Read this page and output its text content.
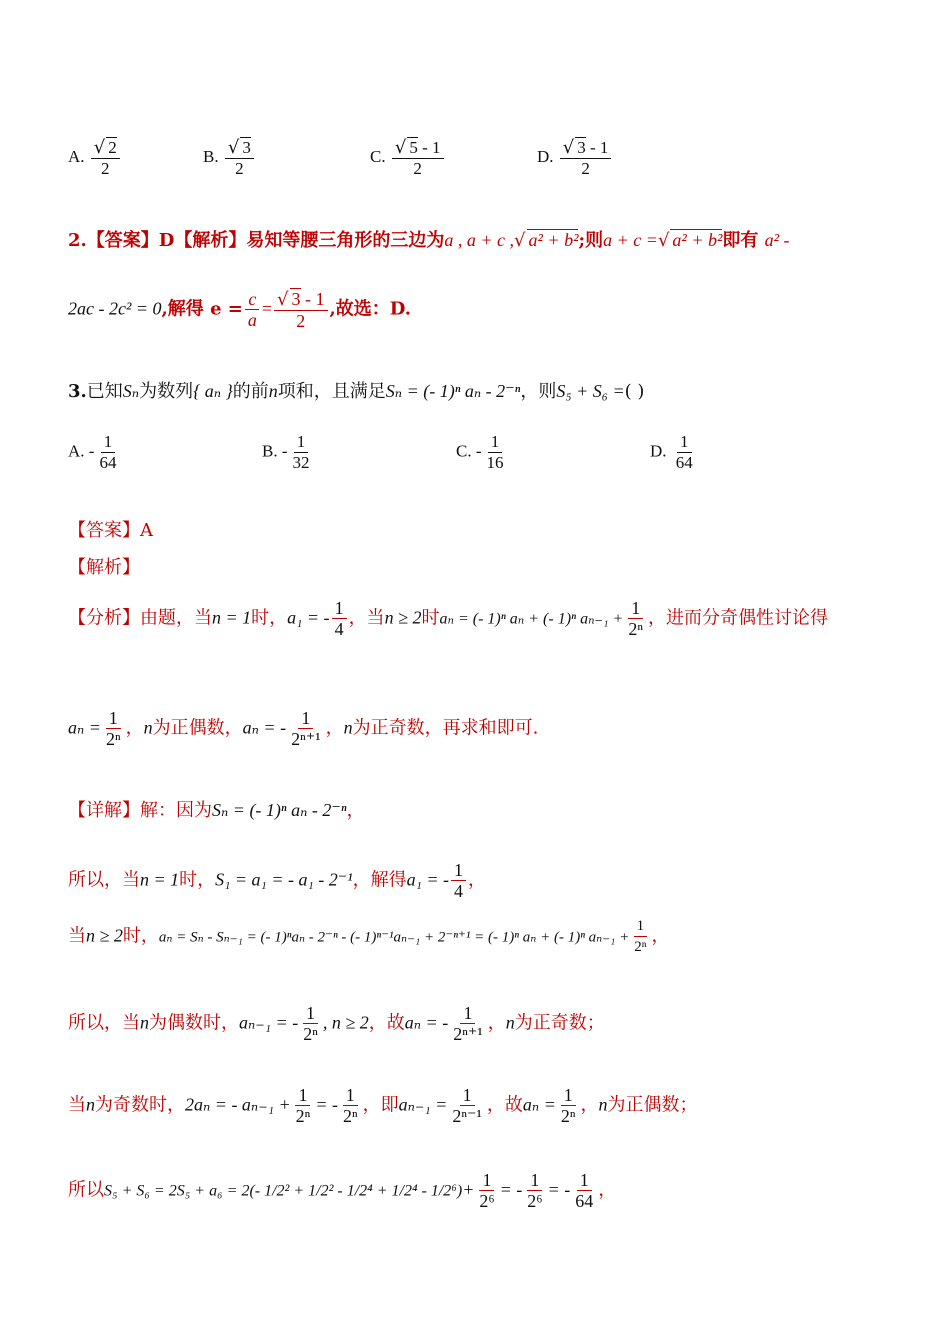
A. $\frac{√ 2}{2}$	B. $\frac{√ 3}{2}$	C. $\frac{√ 5 - 1}{2}$	D. $\frac{√ 3 - 1}{2}$
2.【答案】D【解析】易知等腰三角形的三边为a , a + c ,√ a² + b²;则a + c =√ a² + b²即有 a² -
2ac - 2c² = 0,解得 $e = \frac{c}{a} = \frac{√ 3 - 1}{2}$ ,故选：D.
3.已知Sₙ为数列{ aₙ }的前n项和，且满足Sₙ = (- 1)ⁿ aₙ - 2⁻ⁿ，则S₅ + S₆ =( )
A. - $\frac{1}{64}$	B. - $\frac{1}{32}$	C. - $\frac{1}{16}$	D. $\frac{1}{64}$
【答案】A
【解析】
【分析】由题，当n = 1时，a₁ = - $\frac{1}{4}$ ，当n ≥ 2时aₙ = (- 1)ⁿ aₙ + (- 1)ⁿ $a_{n-1} + \frac{1}{\text{2ⁿ}}$ ，进而分奇偶性讨论得
$a_n = \frac{1}{\text{2ⁿ}}$ ，n为正偶数，aₙ = - $\frac{1}{\text{2ⁿ⁺¹}}$ ，n为正奇数，再求和即可.
【详解】解：因为Sₙ = (- 1)ⁿ aₙ - 2⁻ⁿ，
所以，当n = 1时，S₁ = a₁ = - a₁ - 2⁻¹，解得a₁ = - $\frac{1}{4}$ ，
当n ≥ 2时，aₙ = Sₙ - Sₙ₋₁ = (- 1)ⁿaₙ - 2⁻ⁿ - (- 1)ⁿ⁻¹aₙ₋₁ + 2⁻ⁿ⁺¹ = (- 1)ⁿ aₙ + (- 1)ⁿ $a_{n-1} + \frac{1}{\text{2ⁿ}}$ ，
所以，当n为偶数时，aₙ₋₁ = - $\frac{1}{\text{2ⁿ}}$ , n ≥ 2，故aₙ = - $\frac{1}{\text{2ⁿ⁺¹}}$ ，n为正奇数；
当n为奇数时，2aₙ = - $a_{n-1} + \frac{1}{\text{2ⁿ}}$ = - $\frac{1}{\text{2ⁿ}}$ ，即$a_{n-1} = \frac{1}{\text{2ⁿ⁻¹}}$ ，故$a_n = \frac{1}{\text{2ⁿ}}$ ，n为正偶数；
所以S₅ + S₆ = 2S₅ + a₆ = 2(- $1/2^2 + 1/2^2 - 1/2^4 + 1/2^4 - 1/2^6)+ \frac{1}{\text{2⁶}}$ = - $\frac{1}{\text{2⁶}}$ = - $\frac{1}{64}$ ，
